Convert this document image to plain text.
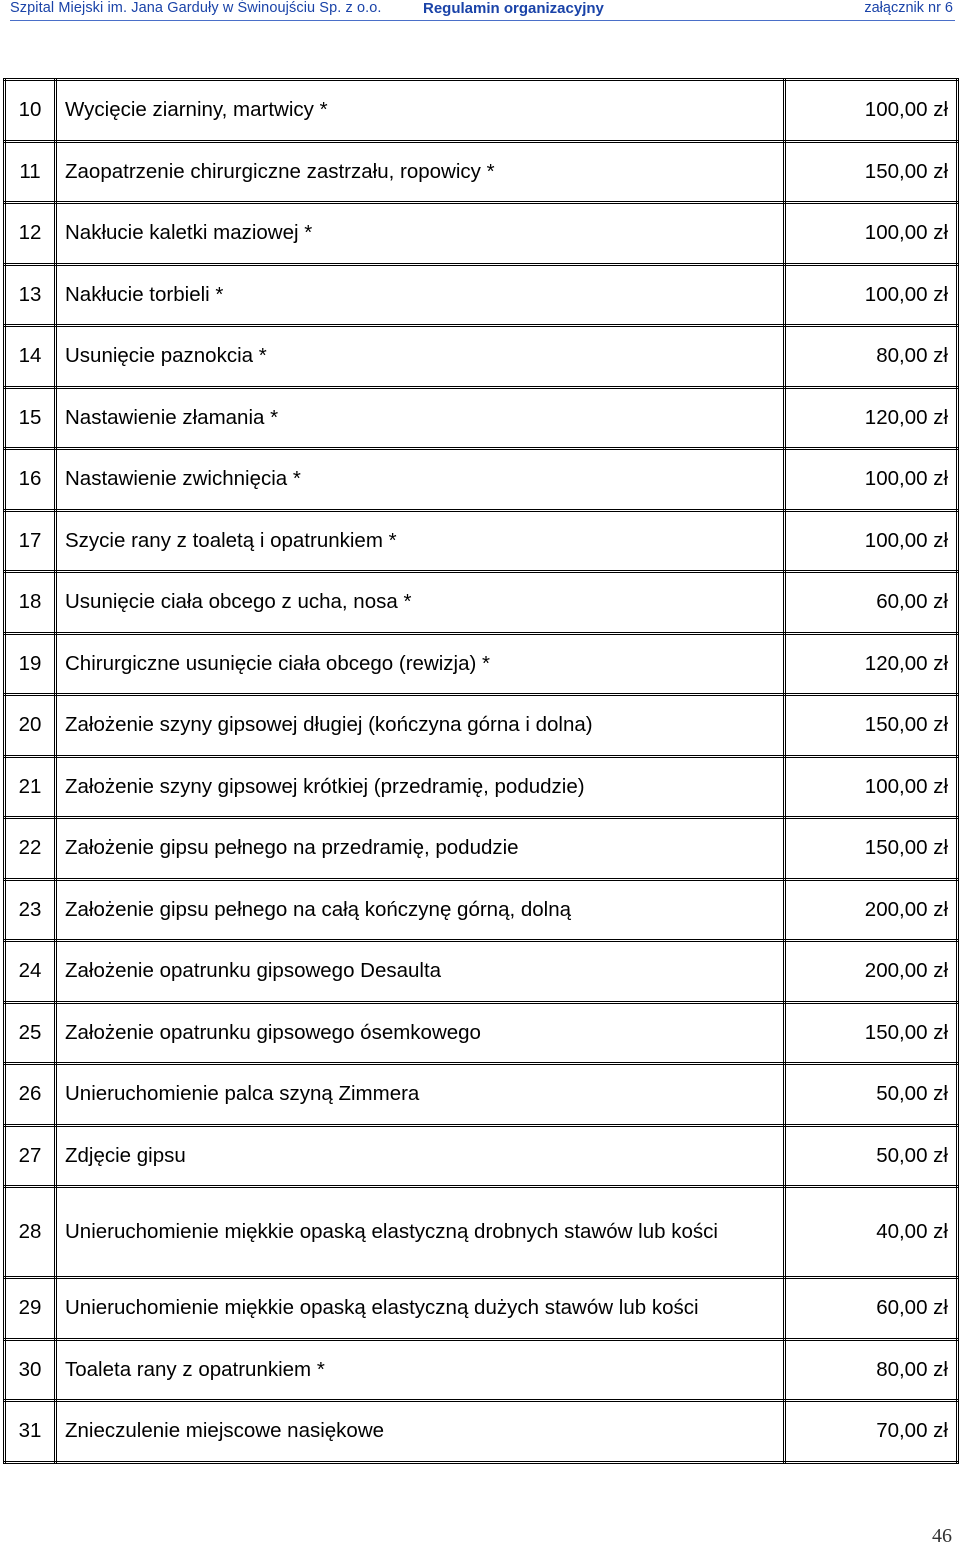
Szpital Miejski im. Jana Garduły w Świnoujściu Sp. z o.o.	Regulamin organizacyjny	załącznik nr 6
10	Wycięcie ziarniny, martwicy *	100,00 zł
11	Zaopatrzenie chirurgiczne zastrzału, ropowicy *	150,00 zł
12	Nakłucie kaletki maziowej *	100,00 zł
13	Nakłucie torbieli *	100,00 zł
14	Usunięcie paznokcia *	80,00 zł
15	Nastawienie złamania *	120,00 zł
16	Nastawienie zwichnięcia *	100,00 zł
17	Szycie rany z toaletą i opatrunkiem *	100,00 zł
18	Usunięcie ciała obcego z ucha, nosa *	60,00 zł
19	Chirurgiczne usunięcie ciała obcego (rewizja) *	120,00 zł
20	Założenie szyny gipsowej długiej (kończyna górna i dolna)	150,00 zł
21	Założenie szyny gipsowej krótkiej (przedramię, podudzie)	100,00 zł
22	Założenie gipsu pełnego na przedramię, podudzie	150,00 zł
23	Założenie gipsu pełnego na całą kończynę górną, dolną	200,00 zł
24	Założenie opatrunku gipsowego Desaulta	200,00 zł
25	Założenie opatrunku gipsowego ósemkowego	150,00 zł
26	Unieruchomienie palca szyną Zimmera	50,00 zł
27	Zdjęcie gipsu	50,00 zł
28	Unieruchomienie miękkie opaską elastyczną drobnych stawów lub kości	40,00 zł
29	Unieruchomienie miękkie opaską elastyczną dużych stawów lub kości	60,00 zł
30	Toaleta rany z opatrunkiem *	80,00 zł
31	Znieczulenie miejscowe nasiękowe	70,00 zł
46
